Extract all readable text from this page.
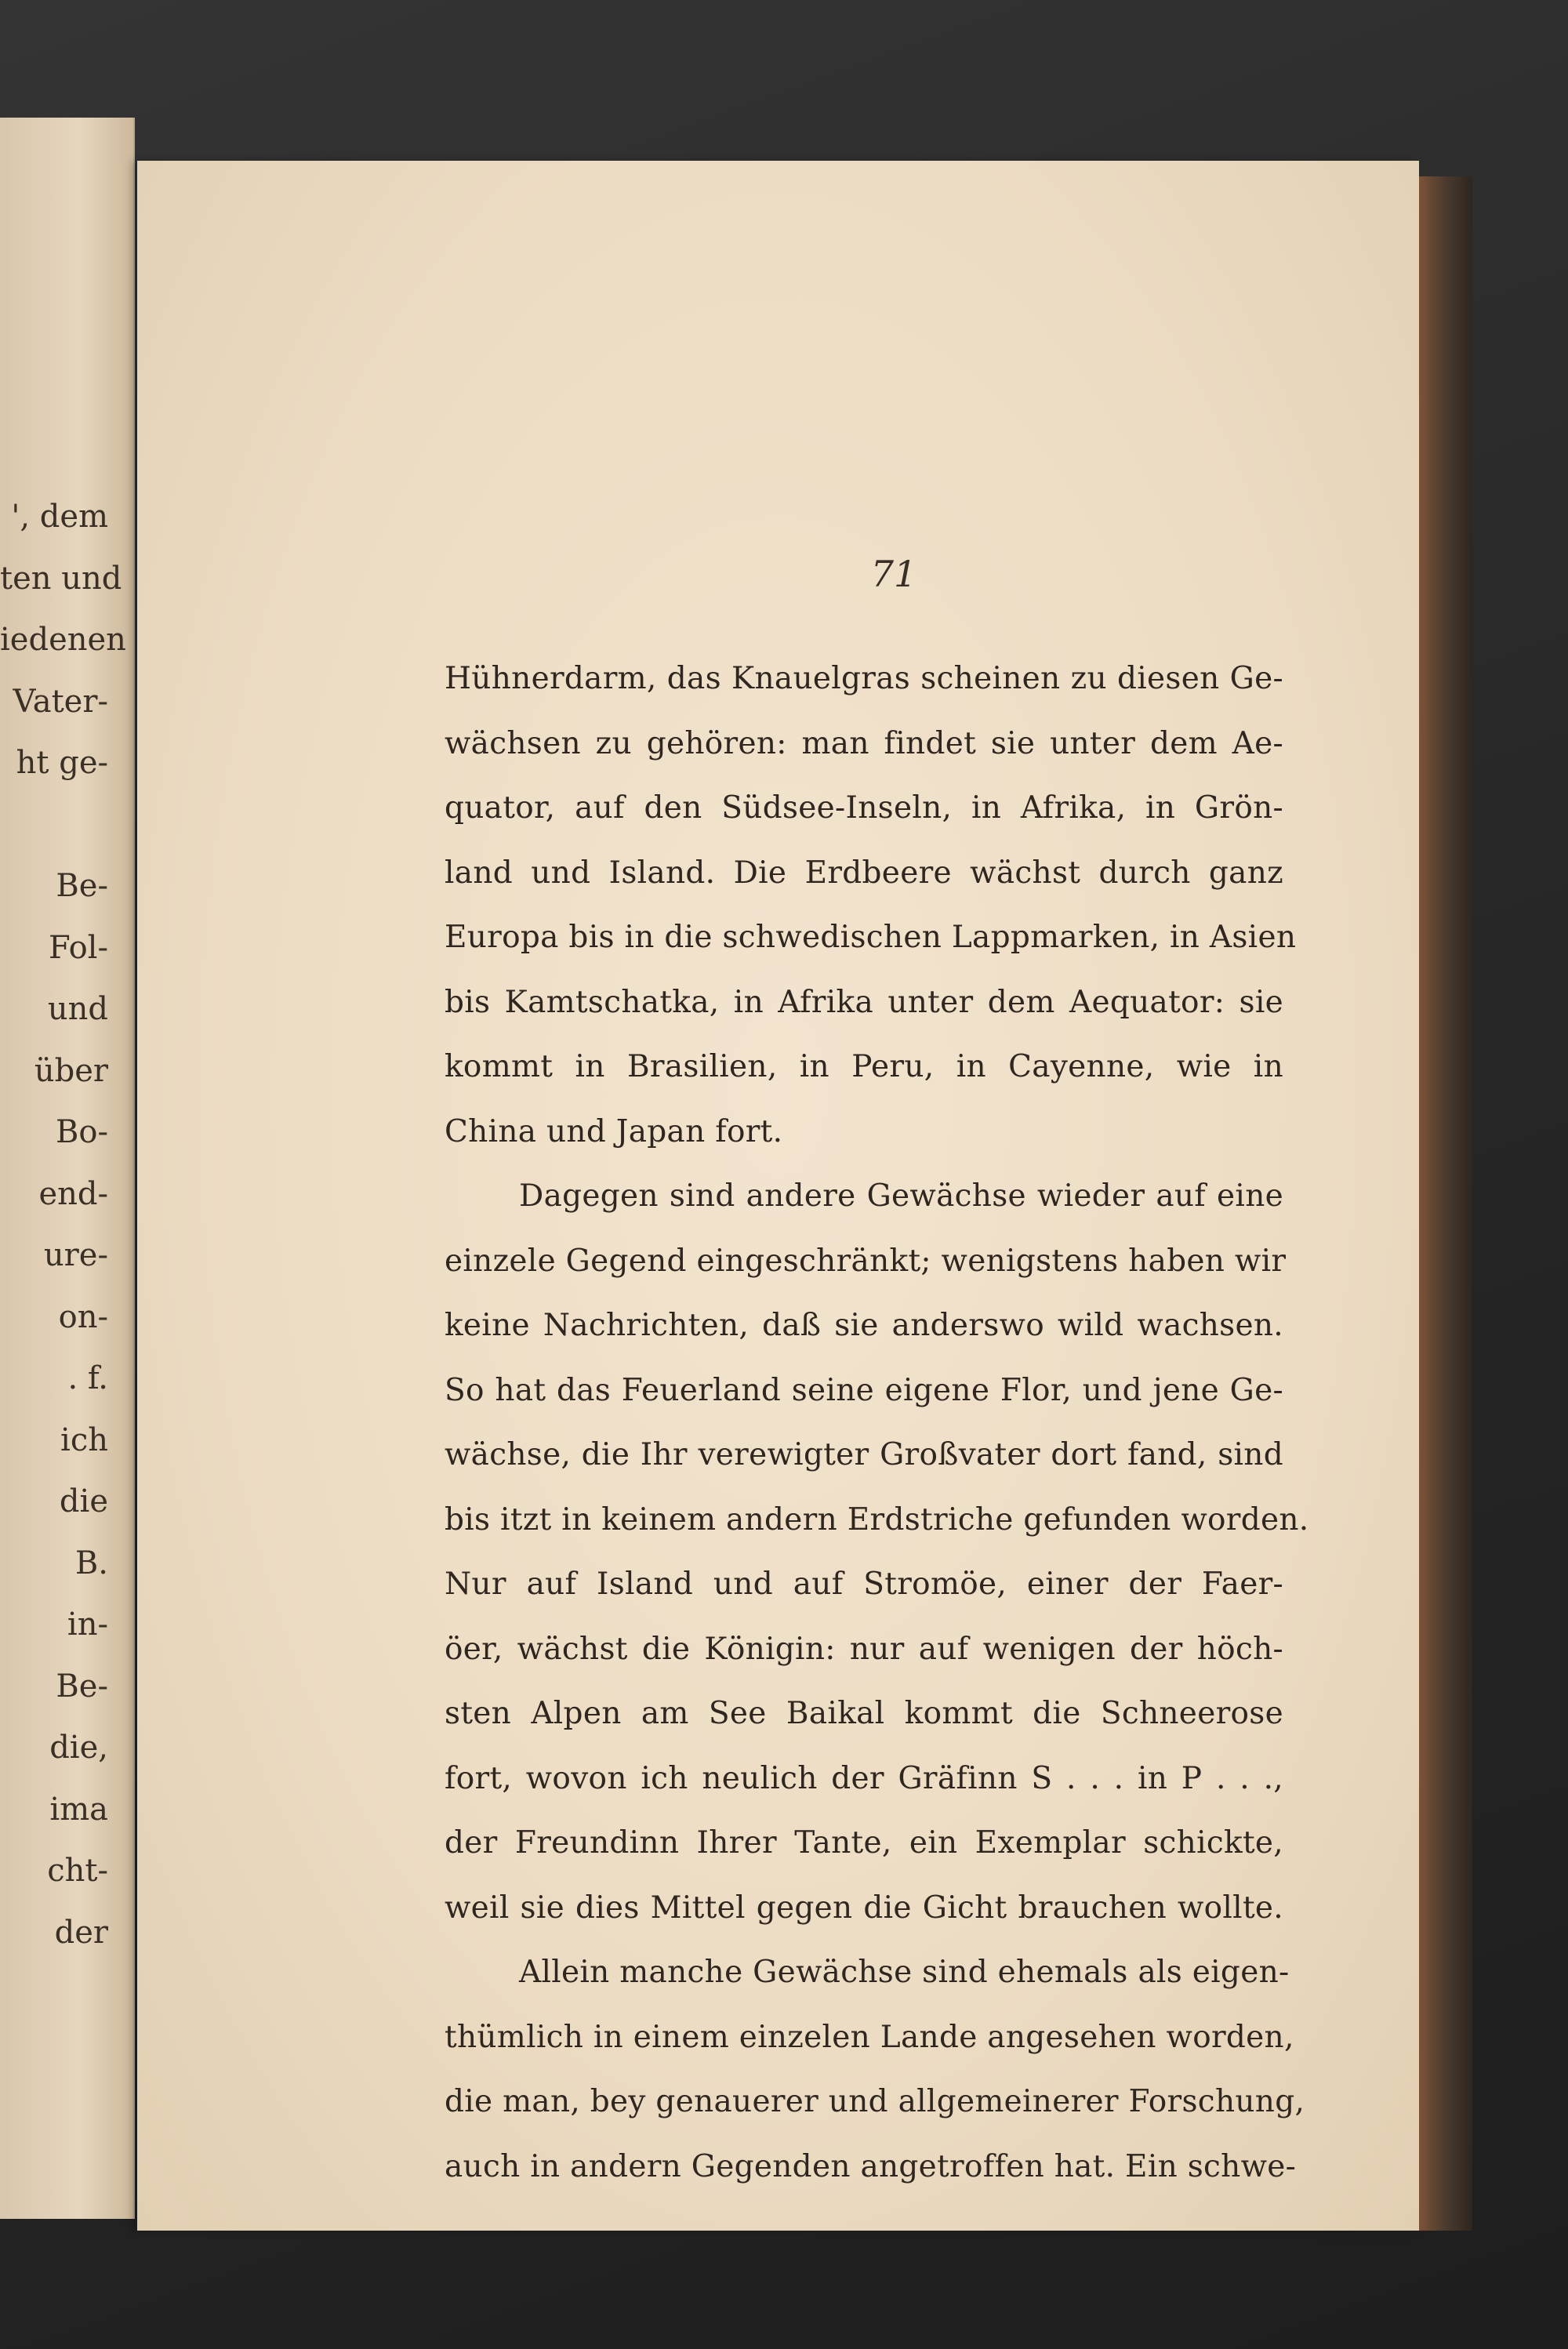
', dem
ten und
iedenen
Vater-
ht ge-
Be-
Fol-
und
über
Bo-
end-
ure-
on-
. f.
ich
die
B.
in-
Be-
die,
ima
cht-
der
71
Hühnerdarm, das Knauelgras scheinen zu diesen Ge-
wächsen zu gehören: man findet sie unter dem Ae-
quator, auf den Südsee-Inseln, in Afrika, in Grön-
land und Island. Die Erdbeere wächst durch ganz
Europa bis in die schwedischen Lappmarken, in Asien
bis Kamtschatka, in Afrika unter dem Aequator: sie
kommt in Brasilien, in Peru, in Cayenne, wie in
China und Japan fort.
Dagegen sind andere Gewächse wieder auf eine
einzele Gegend eingeschränkt; wenigstens haben wir
keine Nachrichten, daß sie anderswo wild wachsen.
So hat das Feuerland seine eigene Flor, und jene Ge-
wächse, die Ihr verewigter Großvater dort fand, sind
bis itzt in keinem andern Erdstriche gefunden worden.
Nur auf Island und auf Stromöe, einer der Faer-
öer, wächst die Königin: nur auf wenigen der höch-
sten Alpen am See Baikal kommt die Schneerose
fort, wovon ich neulich der Gräfinn S . . . in P . . .,
der Freundinn Ihrer Tante, ein Exemplar schickte,
weil sie dies Mittel gegen die Gicht brauchen wollte.
Allein manche Gewächse sind ehemals als eigen-
thümlich in einem einzelen Lande angesehen worden,
die man, bey genauerer und allgemeinerer Forschung,
auch in andern Gegenden angetroffen hat. Ein schwe-
